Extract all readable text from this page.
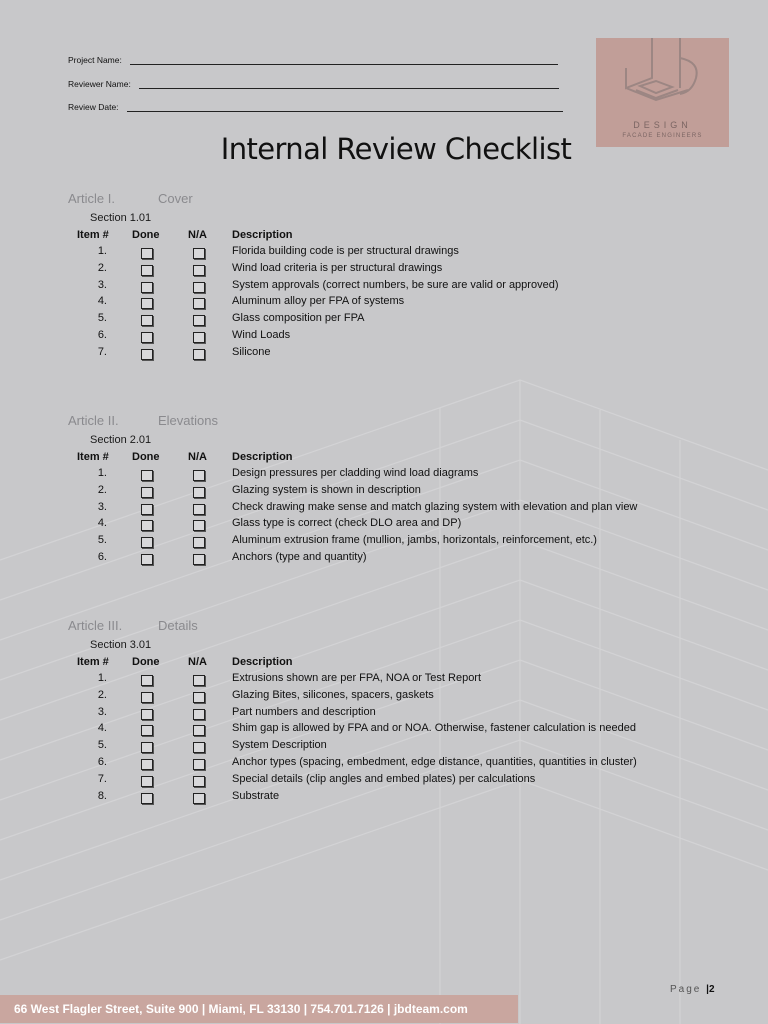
Project Name:
Reviewer Name:
Review Date:
DESIGN
FACADE ENGINEERS
Internal Review Checklist
Article I.	Cover
Section 1.01
Item # Done	N/A Description
1.	Florida building code is per structural drawings
2.	Wind load criteria is per structural drawings
3.	System approvals (correct numbers, be sure are valid or approved)
4.	Aluminum alloy per FPA of systems
5.	Glass composition per FPA
6.	Wind Loads
7.	Silicone
Article II.	Elevations
Section 2.01
Item # Done	N/A Description
1.	Design pressures per cladding wind load diagrams
2.	Glazing system is shown in description
3.	Check drawing make sense and match glazing system with elevation and plan view
4.	Glass type is correct (check DLO area and DP)
5.	Aluminum extrusion frame (mullion, jambs, horizontals, reinforcement, etc.)
6.	Anchors (type and quantity)
Article III.	Details
Section 3.01
Item # Done	N/A Description
1.	Extrusions shown are per FPA, NOA or Test Report
2.	Glazing Bites, silicones, spacers, gaskets
3.	Part numbers and description
4.	Shim gap is allowed by FPA and or NOA. Otherwise, fastener calculation is needed
5.	System Description
6.	Anchor types (spacing, embedment, edge distance, quantities, quantities in cluster)
7.	Special details (clip angles and embed plates) per calculations
8.	Substrate
Page |2
66 West Flagler Street, Suite 900 | Miami, FL 33130 | 754.701.7126 | jbdteam.com
